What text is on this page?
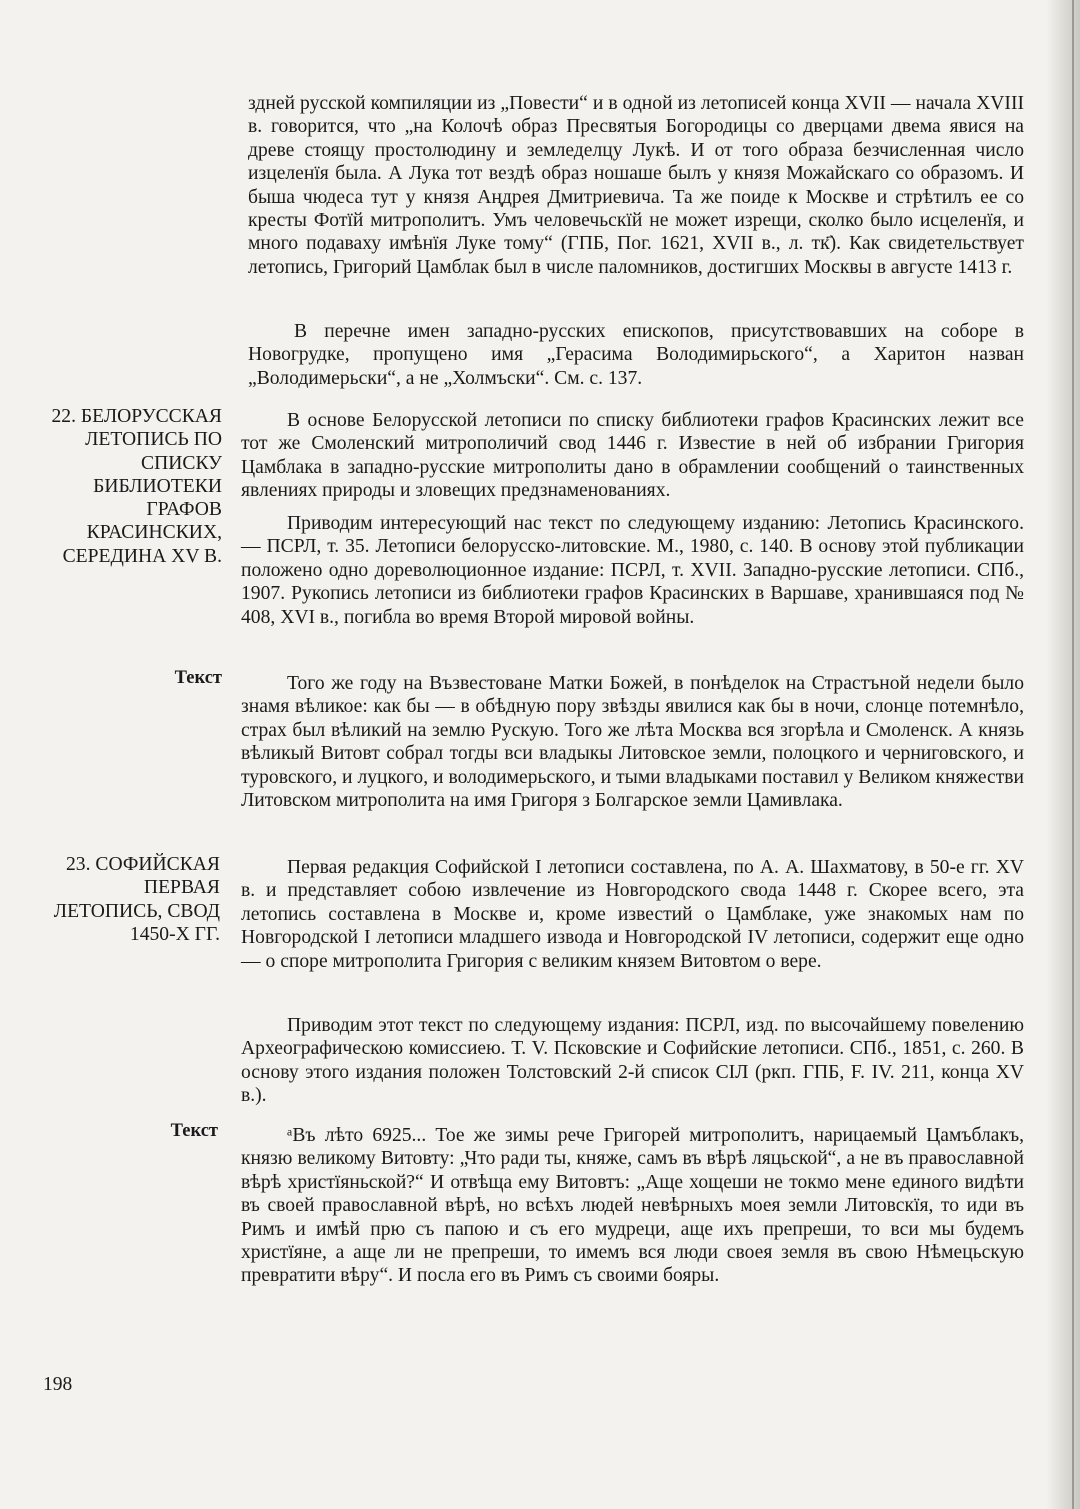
здней русской компиляции из „Повести“ и в одной из летописей конца XVII — начала XVIII в. говорится, что „на Колочѣ образ Пресвятыя Богородицы со дверцами двема явися на древе стоящу простолюдину и земледелцу Лукѣ. И от того образа безчисленная число изцеленїя была. А Лука тот вездѣ образ ношаше былъ у князя Можайскаго со образомъ. И быша чюдеса тут у князя Аңдрея Дмитриевича. Та же поиде к Москве и стрѣтилъ ее со кресты Фотїй митрополитъ. Умъ человечьскїй не может изрещи, сколко было исцеленїя, и много подаваху имѣнїя Луке тому“ (ГПБ, Пог. 1621, XVII в., л. тк҃). Как свидетельствует летопись, Григорий Цамблак был в числе паломников, достигших Москвы в августе 1413 г.

В перечне имен западно-русских епископов, присутствовавших на соборе в Новогрудке, пропущено имя „Герасима Володимирьского“, а Харитон назван „Володимерьски“, а не „Холмъски“. См. с. 137.

22. БЕЛОРУССКАЯ ЛЕТОПИСЬ ПО СПИСКУ БИБЛИОТЕКИ ГРАФОВ КРАСИНСКИХ, СЕРЕДИНА XV В.

В основе Белорусской летописи по списку библиотеки графов Красинских лежит все тот же Смоленский митрополичий свод 1446 г. Известие в ней об избрании Григория Цамблака в западно-русские митрополиты дано в обрамлении сообщений о таинственных явлениях природы и зловещих предзнаменованиях.

Приводим интересующий нас текст по следующему изданию: Летопись Красинского. — ПСРЛ, т. 35. Летописи белорусско-литовские. М., 1980, с. 140. В основу этой публикации положено одно дореволюционное издание: ПСРЛ, т. XVII. Западно-русские летописи. СПб., 1907. Рукопись летописи из библиотеки графов Красинских в Варшаве, хранившаяся под № 408, XVI в., погибла во время Второй мировой войны.

Текст	Того же году на Възвестоване Матки Божей, в понѣделок на Страстъной недели было знамя вѣликое: как бы — в обѣдную пору звѣзды явилися как бы в ночи, слонце потемнѣло, страх был вѣликий на землю Рускую. Того же лѣта Москва вся згорѣла и Смоленск. А князь вѣликый Витовт собрал тогды вси владыкы Литовское земли, полоцкого и черниговского, и туровского, и луцкого, и володимерьского, и тыми владыками поставил у Великом княжестви Литовском митрополита на имя Григоря з Болгарское земли Цамивлака.

23. СОФИЙСКАЯ ПЕРВАЯ ЛЕТОПИСЬ, СВОД 1450-Х ГГ.

Первая редакция Софийской I летописи составлена, по А. А. Шахматову, в 50-е гг. XV в. и представляет собою извлечение из Новгородского свода 1448 г. Скорее всего, эта летопись составлена в Москве и, кроме известий о Цамблаке, уже знакомых нам по Новгородской I летописи младшего извода и Новгородской IV летописи, содержит еще одно — о споре митрополита Григория с великим князем Витовтом о вере.

Приводим этот текст по следующему издания: ПСРЛ, изд. по высочайшему повелению Археографическою комиссиею. Т. V. Псковские и Софийские летописи. СПб., 1851, с. 260. В основу этого издания положен Толстовский 2-й список СIЛ (ркп. ГПБ, F. IV. 211, конца XV в.).

Текст	ᵃВъ лѣто 6925... Тое же зимы рече Григорей митрополитъ, нарицаемый Цамъблакъ, князю великому Витовту: „Что ради ты, княже, самъ въ вѣрѣ ляцьской“, а не въ православной вѣрѣ христїяньской?“ И отвѣща ему Витовтъ: „Аще хощеши не токмо мене единого видѣти въ своей православной вѣрѣ, но всѣхъ людей невѣрныхъ моея земли Литовскїя, то иди въ Римъ и имѣй прю съ папою и съ его мудреци, аще ихъ препреши, то вси мы будемъ христїяне, а аще ли не препреши, то имемъ вся люди своея земля въ свою Нѣмецьскую превратити вѣру“. И посла его въ Римъ съ своими бояры.

198
